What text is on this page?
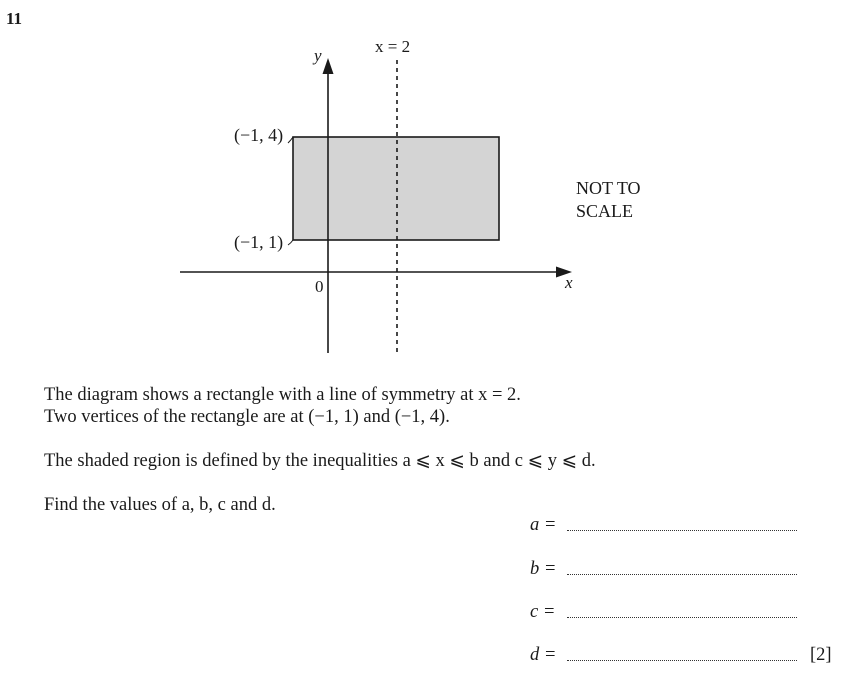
11
y	x = 2
(−1, 4)
(−1, 1)
0	x
NOT TO
SCALE

The diagram shows a rectangle with a line of symmetry at x = 2.

Two vertices of the rectangle are at (−1, 1) and (−1, 4).

The shaded region is defined by the inequalities a ⩽ x ⩽ b and c ⩽ y ⩽ d.

Find the values of a, b, c and d.

a =
b =
c =
d =	[2]
